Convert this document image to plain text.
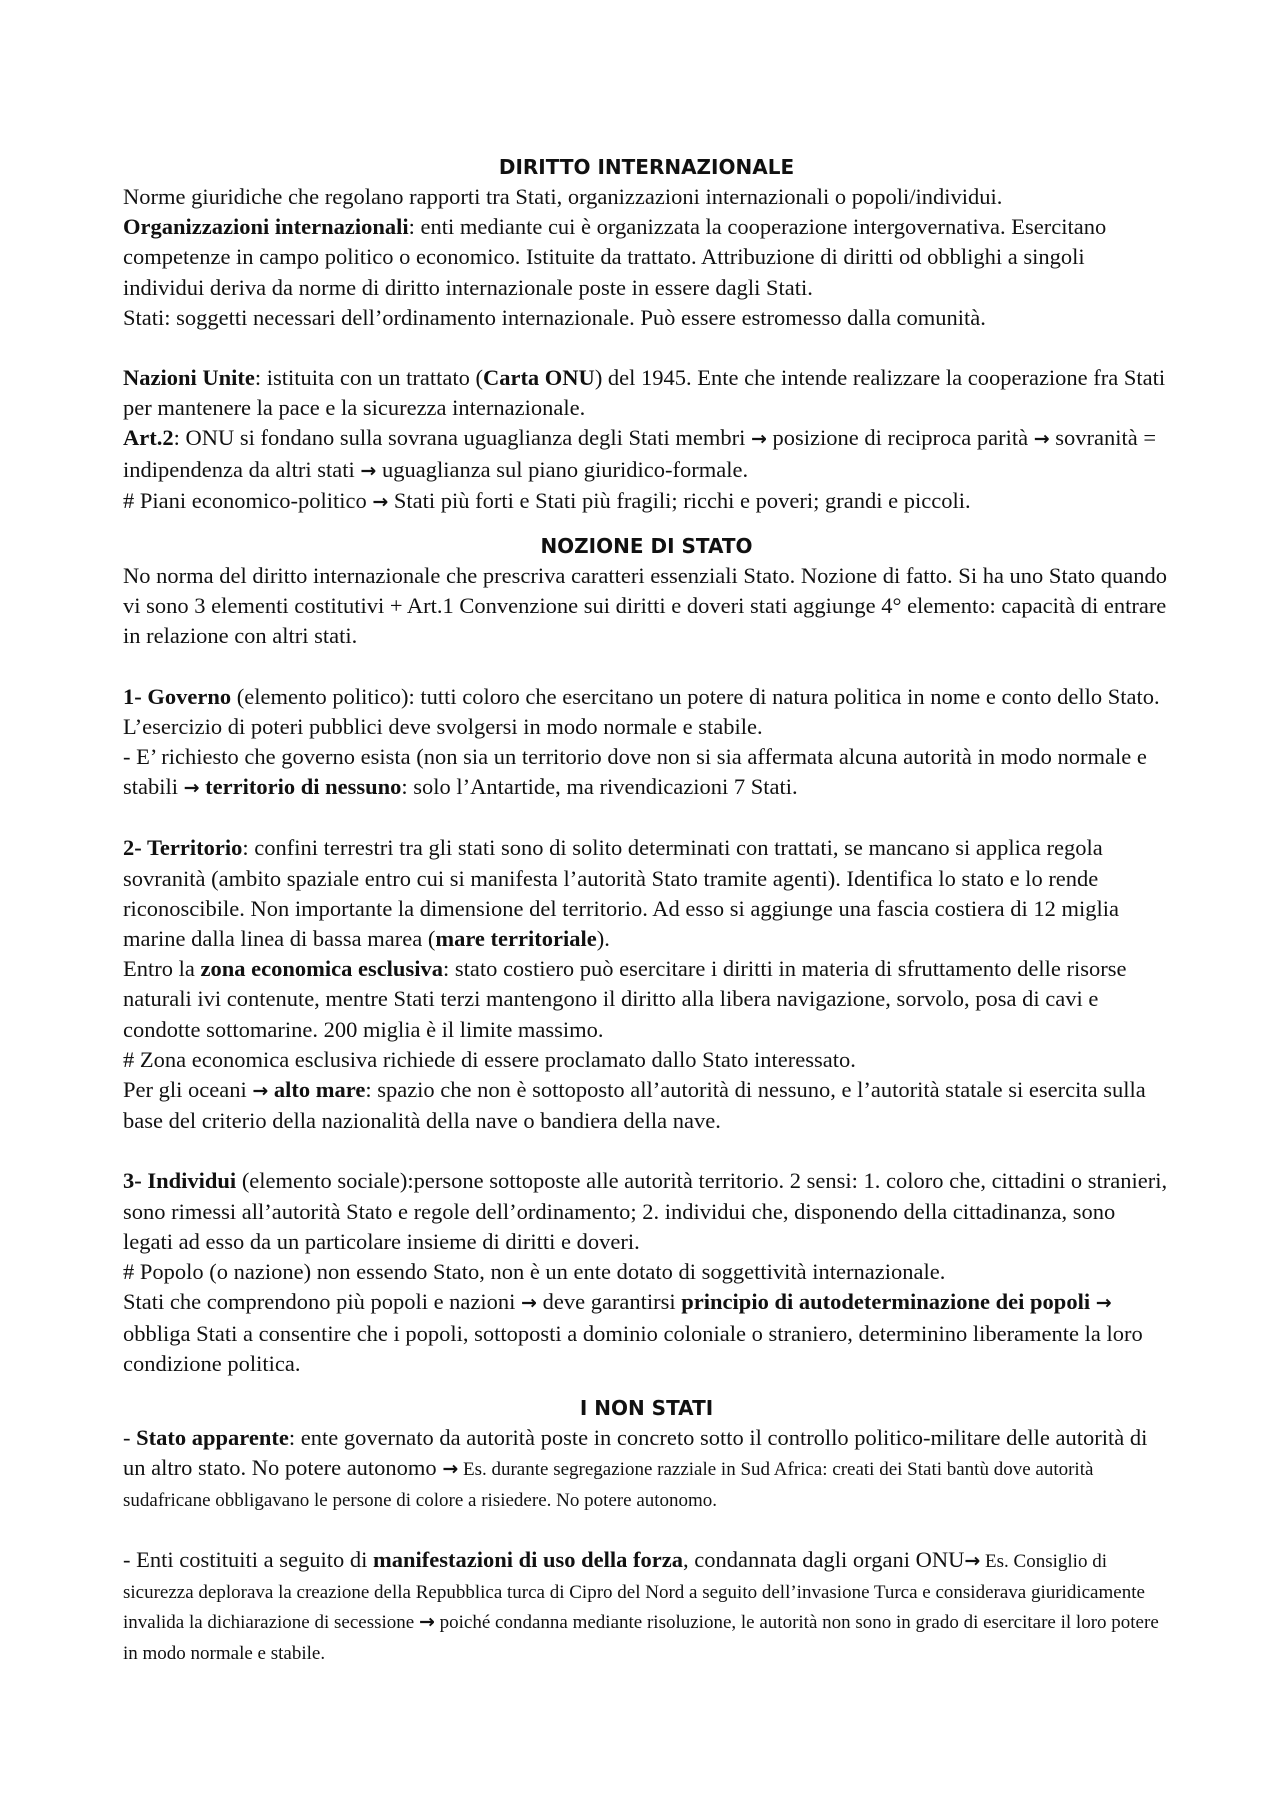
DIRITTO INTERNAZIONALE

Norme giuridiche che regolano rapporti tra Stati, organizzazioni internazionali o popoli/individui.

Organizzazioni internazionali: enti mediante cui è organizzata la cooperazione intergovernativa. Esercitano competenze in campo politico o economico. Istituite da trattato. Attribuzione di diritti od obblighi a singoli individui deriva da norme di diritto internazionale poste in essere dagli Stati.

Stati: soggetti necessari dell’ordinamento internazionale. Può essere estromesso dalla comunità.

Nazioni Unite: istituita con un trattato (Carta ONU) del 1945. Ente che intende realizzare la cooperazione fra Stati per mantenere la pace e la sicurezza internazionale.

Art.2: ONU si fondano sulla sovrana uguaglianza degli Stati membri → posizione di reciproca parità → sovranità = indipendenza da altri stati → uguaglianza sul piano giuridico-formale.

# Piani economico-politico → Stati più forti e Stati più fragili; ricchi e poveri; grandi e piccoli.

NOZIONE DI STATO

No norma del diritto internazionale che prescriva caratteri essenziali Stato. Nozione di fatto. Si ha uno Stato quando vi sono 3 elementi costitutivi + Art.1 Convenzione sui diritti e doveri stati aggiunge 4° elemento: capacità di entrare in relazione con altri stati.

1- Governo (elemento politico): tutti coloro che esercitano un potere di natura politica in nome e conto dello Stato. L’esercizio di poteri pubblici deve svolgersi in modo normale e stabile.

- E’ richiesto che governo esista (non sia un territorio dove non si sia affermata alcuna autorità in modo normale e stabili → territorio di nessuno: solo l’Antartide, ma rivendicazioni 7 Stati.

2- Territorio: confini terrestri tra gli stati sono di solito determinati con trattati, se mancano si applica regola sovranità (ambito spaziale entro cui si manifesta l’autorità Stato tramite agenti). Identifica lo stato e lo rende riconoscibile. Non importante la dimensione del territorio. Ad esso si aggiunge una fascia costiera di 12 miglia marine dalla linea di bassa marea (mare territoriale).

Entro la zona economica esclusiva: stato costiero può esercitare i diritti in materia di sfruttamento delle risorse naturali ivi contenute, mentre Stati terzi mantengono il diritto alla libera navigazione, sorvolo, posa di cavi e condotte sottomarine. 200 miglia è il limite massimo.

# Zona economica esclusiva richiede di essere proclamato dallo Stato interessato.

Per gli oceani → alto mare: spazio che non è sottoposto all’autorità di nessuno, e l’autorità statale si esercita sulla base del criterio della nazionalità della nave o bandiera della nave.

3- Individui (elemento sociale):persone sottoposte alle autorità territorio. 2 sensi: 1. coloro che, cittadini o stranieri, sono rimessi all’autorità Stato e regole dell’ordinamento; 2. individui che, disponendo della cittadinanza, sono legati ad esso da un particolare insieme di diritti e doveri.

# Popolo (o nazione) non essendo Stato, non è un ente dotato di soggettività internazionale.

Stati che comprendono più popoli e nazioni → deve garantirsi principio di autodeterminazione dei popoli → obbliga Stati a consentire che i popoli, sottoposti a dominio coloniale o straniero, determinino liberamente la loro condizione politica.

I NON STATI

- Stato apparente: ente governato da autorità poste in concreto sotto il controllo politico-militare delle autorità di un altro stato. No potere autonomo → Es. durante segregazione razziale in Sud Africa: creati dei Stati bantù dove autorità sudafricane obbligavano le persone di colore a risiedere. No potere autonomo.

- Enti costituiti a seguito di manifestazioni di uso della forza, condannata dagli organi ONU→ Es. Consiglio di sicurezza deplorava la creazione della Repubblica turca di Cipro del Nord a seguito dell’invasione Turca e considerava giuridicamente invalida la dichiarazione di secessione → poiché condanna mediante risoluzione, le autorità non sono in grado di esercitare il loro potere in modo normale e stabile.
